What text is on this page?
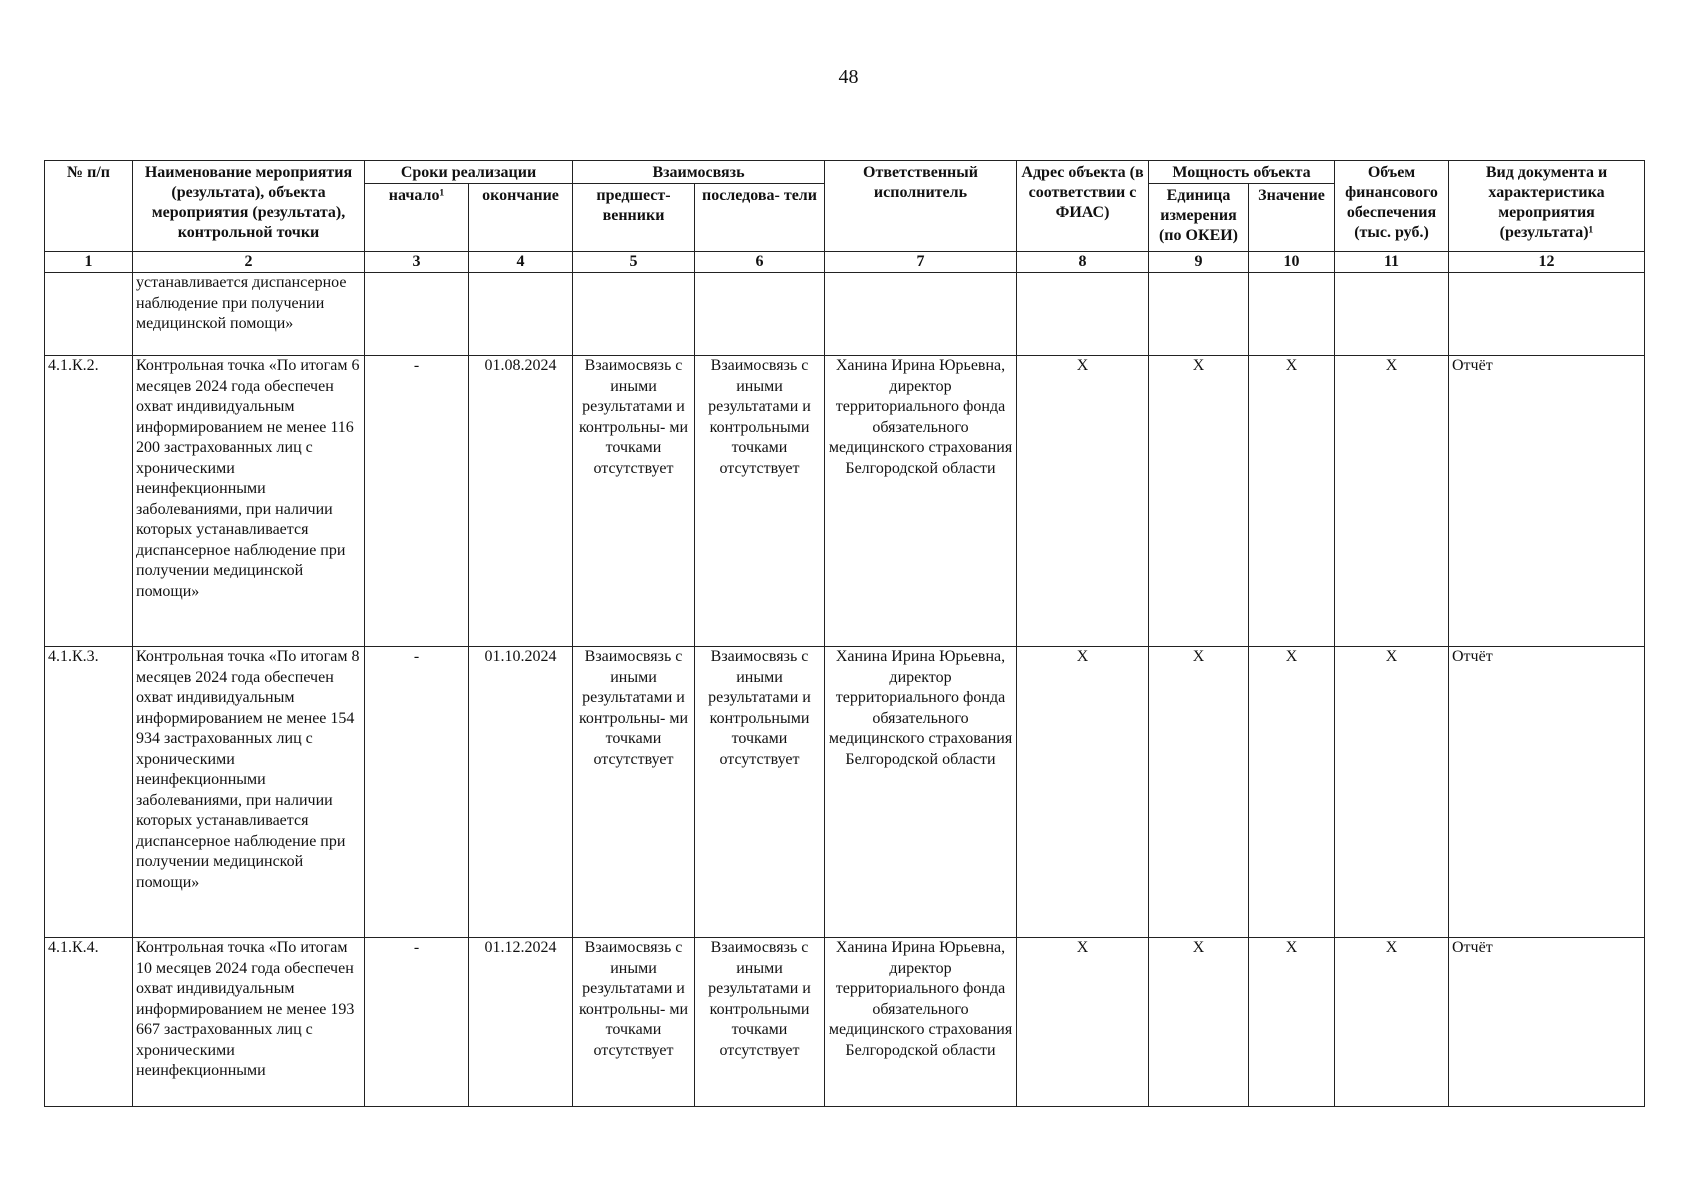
48
№ п/п	Наименование мероприятия (результата), объекта мероприятия (результата), контрольной точки	Сроки реализации		Взаимосвязь		Ответственный исполнитель	Адрес объекта (в соответствии с ФИАС)	Мощность объекта		Объем финансового обеспечения (тыс. руб.)	Вид документа и характеристика мероприятия (результата)¹
		начало¹	окончание	предшест- венники	последова- тели			Единица измерения (по ОКЕИ)	Значение		
1	2	3	4	5	6	7	8	9	10	11	12
	устанавливается диспансерное наблюдение при получении медицинской помощи»										
4.1.К.2.	Контрольная точка «По итогам 6 месяцев 2024 года обеспечен охват индивидуальным информированием не менее 116 200 застрахованных лиц с хроническими неинфекционными заболеваниями, при наличии которых устанавливается диспансерное наблюдение при получении медицинской помощи»	-	01.08.2024	Взаимосвязь с иными результатами и контрольны- ми точками отсутствует	Взаимосвязь с иными результатами и контрольными точками отсутствует	Ханина Ирина Юрьевна, директор территориального фонда обязательного медицинского страхования Белгородской области	Х	Х	Х	Х	Отчёт
4.1.К.3.	Контрольная точка «По итогам 8 месяцев 2024 года обеспечен охват индивидуальным информированием не менее 154 934 застрахованных лиц с хроническими неинфекционными заболеваниями, при наличии которых устанавливается диспансерное наблюдение при получении медицинской помощи»	-	01.10.2024	Взаимосвязь с иными результатами и контрольны- ми точками отсутствует	Взаимосвязь с иными результатами и контрольными точками отсутствует	Ханина Ирина Юрьевна, директор территориального фонда обязательного медицинского страхования Белгородской области	Х	Х	Х	Х	Отчёт
4.1.К.4.	Контрольная точка «По итогам 10 месяцев 2024 года обеспечен охват индивидуальным информированием не менее 193 667 застрахованных лиц с хроническими неинфекционными	-	01.12.2024	Взаимосвязь с иными результатами и контрольны- ми точками отсутствует	Взаимосвязь с иными результатами и контрольными точками отсутствует	Ханина Ирина Юрьевна, директор территориального фонда обязательного медицинского страхования Белгородской области	Х	Х	Х	Х	Отчёт
